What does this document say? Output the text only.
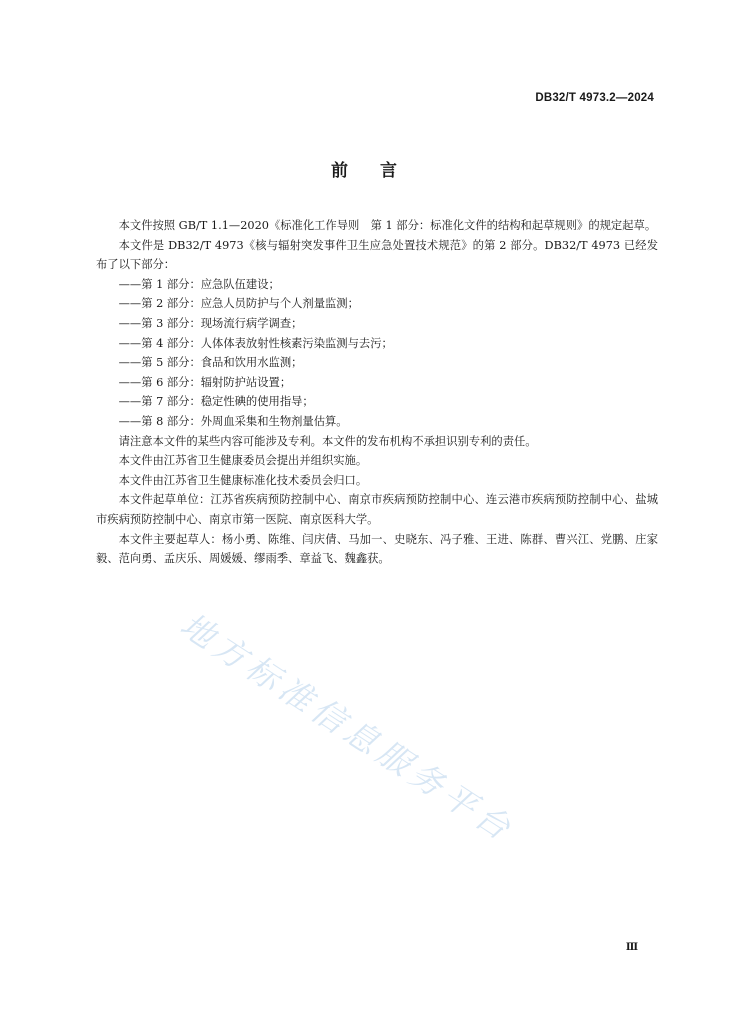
DB32/T 4973.2—2024
前 言

本文件按照 GB/T 1.1—2020《标准化工作导则　第 1 部分：标准化文件的结构和起草规则》的规定起草。

本文件是 DB32/T 4973《核与辐射突发事件卫生应急处置技术规范》的第 2 部分。DB32/T 4973 已经发布了以下部分：

——第 1 部分：应急队伍建设；

——第 2 部分：应急人员防护与个人剂量监测；

——第 3 部分：现场流行病学调查；

——第 4 部分：人体体表放射性核素污染监测与去污；

——第 5 部分：食品和饮用水监测；

——第 6 部分：辐射防护站设置；

——第 7 部分：稳定性碘的使用指导；

——第 8 部分：外周血采集和生物剂量估算。

请注意本文件的某些内容可能涉及专利。本文件的发布机构不承担识别专利的责任。

本文件由江苏省卫生健康委员会提出并组织实施。

本文件由江苏省卫生健康标准化技术委员会归口。

本文件起草单位：江苏省疾病预防控制中心、南京市疾病预防控制中心、连云港市疾病预防控制中心、盐城市疾病预防控制中心、南京市第一医院、南京医科大学。

本文件主要起草人：杨小勇、陈维、闫庆倩、马加一、史晓东、冯子雅、王进、陈群、曹兴江、党鹏、庄家毅、范向勇、孟庆乐、周媛媛、缪雨季、章益飞、魏鑫获。

地方标准信息服务平台
Ⅲ
